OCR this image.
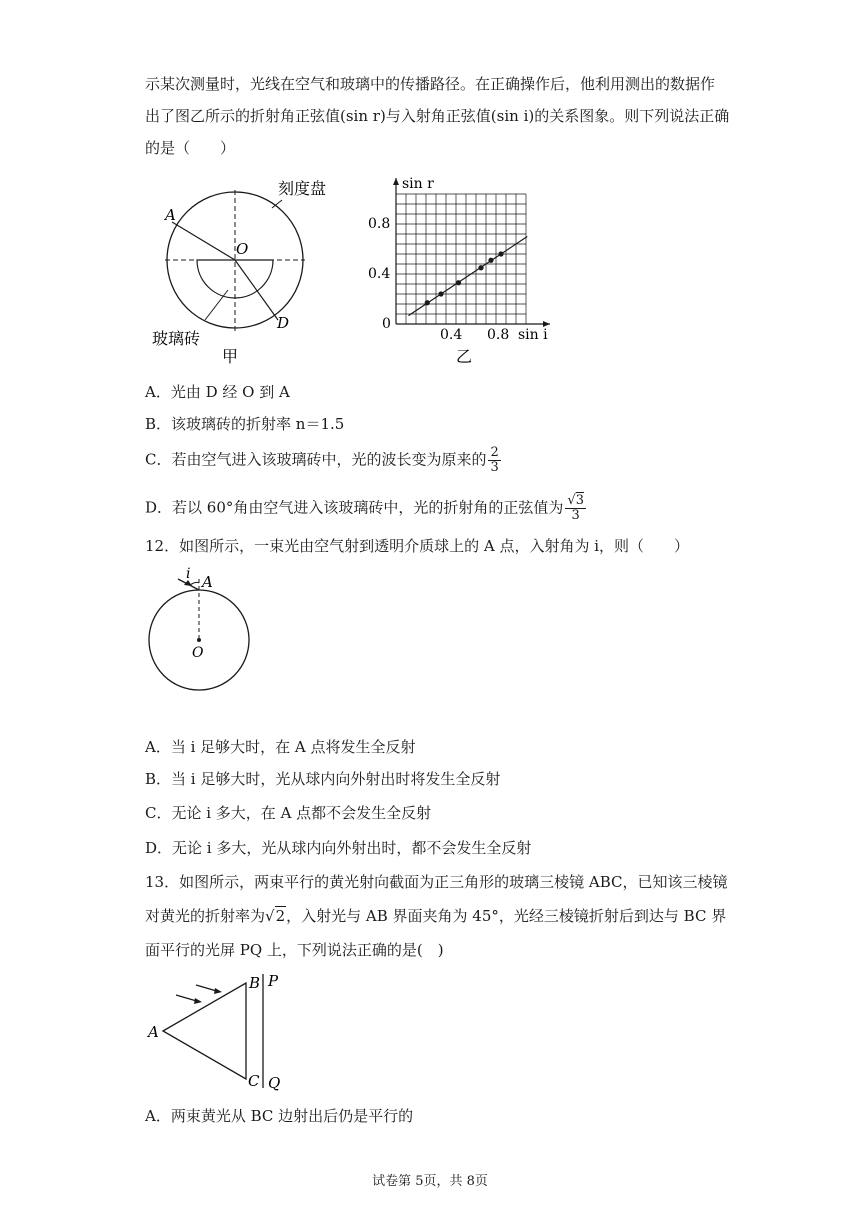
示某次测量时，光线在空气和玻璃中的传播路径。在正确操作后，他利用测出的数据作
出了图乙所示的折射角正弦值(sin r)与入射角正弦值(sin i)的关系图象。则下列说法正确
的是（　　）
A
O
D
刻度盘
玻璃砖
甲
sin r
sin i
0.8
0.4
0
0.4 0.8
乙
A．光由 D 经 O 到 A
B．该玻璃砖的折射率 n＝1.5
C．若由空气进入该玻璃砖中，光的波长变为原来的 $\frac{2}{3}$
D．若以 60°角由空气进入该玻璃砖中，光的折射角的正弦值为 $\frac{√3}{3}$
12．如图所示，一束光由空气射到透明介质球上的 A 点，入射角为 i，则（　　）
i A
O
A．当 i 足够大时，在 A 点将发生全反射
B．当 i 足够大时，光从球内向外射出时将发生全反射
C．无论 i 多大，在 A 点都不会发生全反射
D．无论 i 多大，光从球内向外射出时，都不会发生全反射
13．如图所示，两束平行的黄光射向截面为正三角形的玻璃三棱镜 ABC，已知该三棱镜
对黄光的折射率为√2，入射光与 AB 界面夹角为 45°，光经三棱镜折射后到达与 BC 界
面平行的光屏 PQ 上，下列说法正确的是(　)
A
B
C
P
Q
A．两束黄光从 BC 边射出后仍是平行的
试卷第 5页，共 8页
